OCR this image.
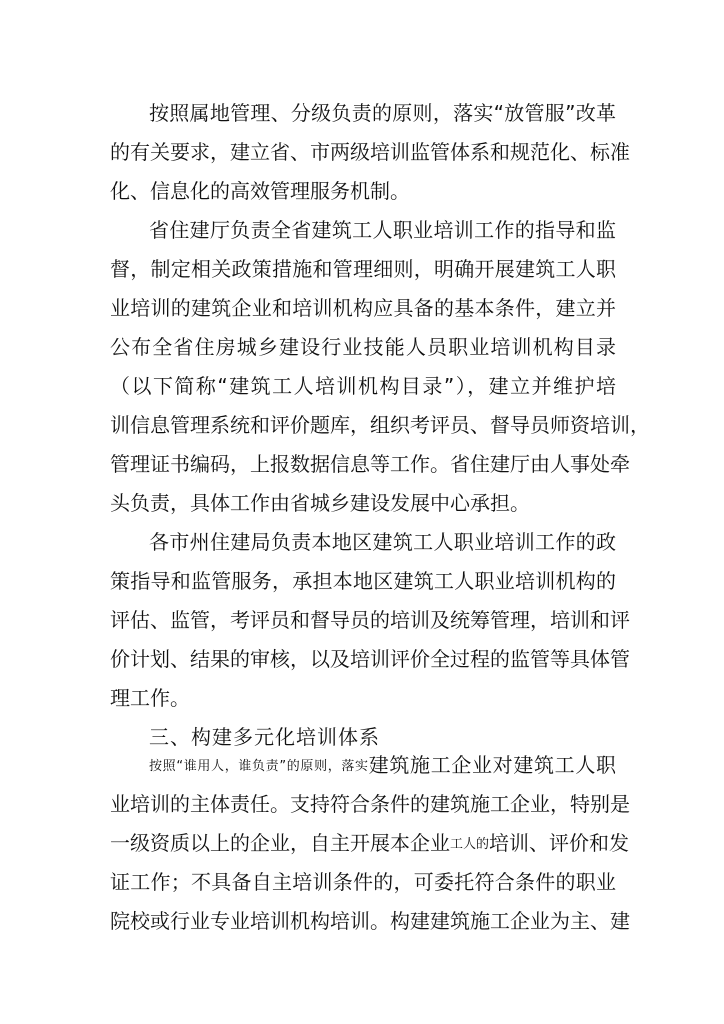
按照属地管理、分级负责的原则，落实“放管服”改革
的有关要求，建立省、市两级培训监管体系和规范化、标准
化、信息化的高效管理服务机制。
省住建厅负责全省建筑工人职业培训工作的指导和监
督，制定相关政策措施和管理细则，明确开展建筑工人职
业培训的建筑企业和培训机构应具备的基本条件，建立并
公布全省住房城乡建设行业技能人员职业培训机构目录
（以下简称“建筑工人培训机构目录”），建立并维护培
训信息管理系统和评价题库，组织考评员、督导员师资培训，
管理证书编码，上报数据信息等工作。省住建厅由人事处牵
头负责，具体工作由省城乡建设发展中心承担。
各市州住建局负责本地区建筑工人职业培训工作的政
策指导和监管服务，承担本地区建筑工人职业培训机构的
评估、监管，考评员和督导员的培训及统筹管理，培训和评
价计划、结果的审核，以及培训评价全过程的监管等具体管
理工作。
三、构建多元化培训体系
按照“谁用人，谁负责”的原则，落实建筑施工企业对建筑工人职
业培训的主体责任。支持符合条件的建筑施工企业，特别是
一级资质以上的企业，自主开展本企业工人的培训、评价和发
证工作；不具备自主培训条件的，可委托符合条件的职业
院校或行业专业培训机构培训。构建建筑施工企业为主、建
